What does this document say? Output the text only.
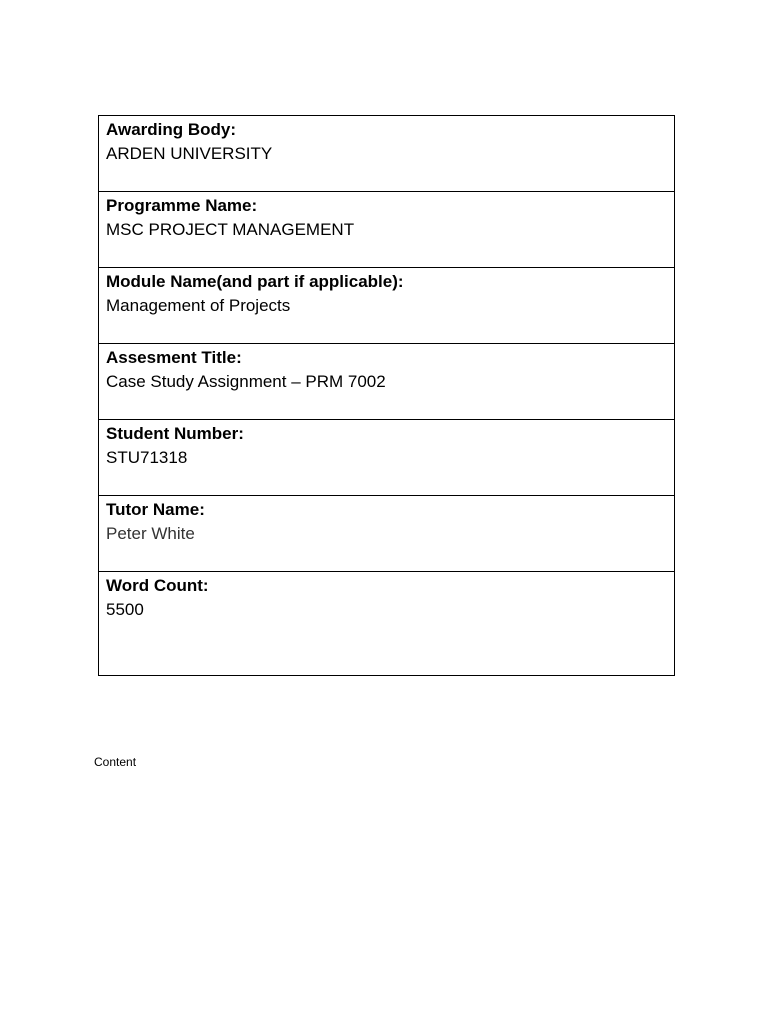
Awarding Body:
ARDEN UNIVERSITY
Programme Name:
MSC PROJECT MANAGEMENT
Module Name(and part if applicable):
Management of Projects
Assesment Title:
Case Study Assignment – PRM 7002
Student Number:
STU71318
Tutor Name:
Peter White
Word Count:
5500
Content
